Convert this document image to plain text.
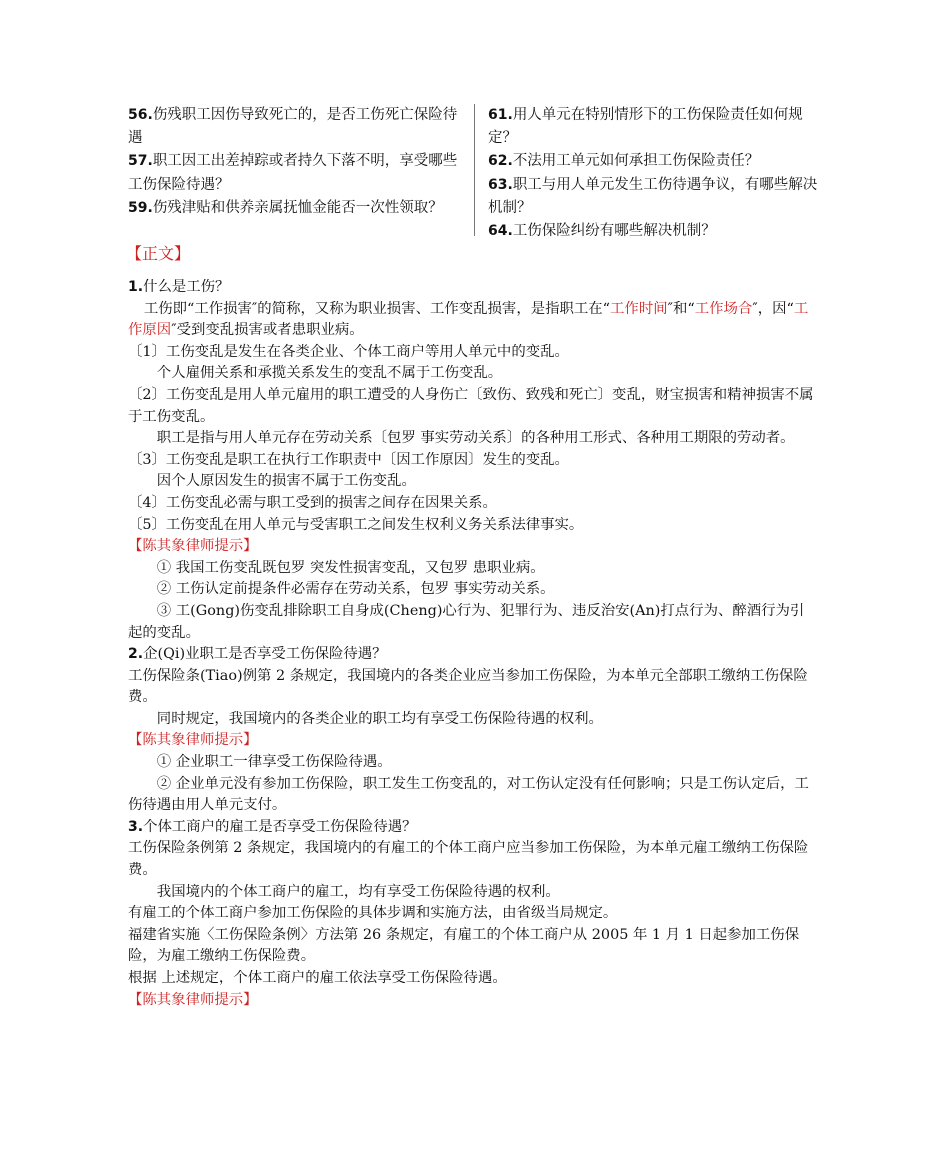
56.伤残职工因伤导致死亡的，是否工伤死亡保险待遇
57.职工因工出差掉踪或者持久下落不明，享受哪些工伤保险待遇？
59.伤残津贴和供养亲属抚恤金能否一次性领取？
61.用人单元在特别情形下的工伤保险责任如何规定？
62.不法用工单元如何承担工伤保险责任？
63.职工与用人单元发生工伤待遇争议，有哪些解决机制？
64.工伤保险纠纷有哪些解决机制？
【正文】

1.什么是工伤？

工伤即“工作损害″的简称，又称为职业损害、工作变乱损害，是指职工在“工作时间″和“工作场合″，因“工作原因″受到变乱损害或者患职业病。

〔1〕工伤变乱是发生在各类企业、个体工商户等用人单元中的变乱。

个人雇佣关系和承揽关系发生的变乱不属于工伤变乱。

〔2〕工伤变乱是用人单元雇用的职工遭受的人身伤亡〔致伤、致残和死亡〕变乱，财宝损害和精神损害不属于工伤变乱。

职工是指与用人单元存在劳动关系〔包罗 事实劳动关系〕的各种用工形式、各种用工期限的劳动者。

〔3〕工伤变乱是职工在执行工作职责中〔因工作原因〕发生的变乱。

因个人原因发生的损害不属于工伤变乱。

〔4〕工伤变乱必需与职工受到的损害之间存在因果关系。

〔5〕工伤变乱在用人单元与受害职工之间发生权利义务关系法律事实。

【陈其象律师提示】

① 我国工伤变乱既包罗 突发性损害变乱，又包罗 患职业病。

② 工伤认定前提条件必需存在劳动关系，包罗 事实劳动关系。

③ 工(Gong)伤变乱排除职工自身成(Cheng)心行为、犯罪行为、违反治安(An)打点行为、醉酒行为引起的变乱。

2.企(Qi)业职工是否享受工伤保险待遇？

工伤保险条(Tiao)例第 2 条规定，我国境内的各类企业应当参加工伤保险，为本单元全部职工缴纳工伤保险费。

同时规定，我国境内的各类企业的职工均有享受工伤保险待遇的权利。

【陈其象律师提示】

① 企业职工一律享受工伤保险待遇。

② 企业单元没有参加工伤保险，职工发生工伤变乱的，对工伤认定没有任何影响；只是工伤认定后，工伤待遇由用人单元支付。

3.个体工商户的雇工是否享受工伤保险待遇？

工伤保险条例第 2 条规定，我国境内的有雇工的个体工商户应当参加工伤保险，为本单元雇工缴纳工伤保险费。

我国境内的个体工商户的雇工，均有享受工伤保险待遇的权利。

有雇工的个体工商户参加工伤保险的具体步调和实施方法，由省级当局规定。

福建省实施〈工伤保险条例〉方法第 26 条规定，有雇工的个体工商户从 2005 年 1 月 1 日起参加工伤保险，为雇工缴纳工伤保险费。

根据 上述规定，个体工商户的雇工依法享受工伤保险待遇。

【陈其象律师提示】
